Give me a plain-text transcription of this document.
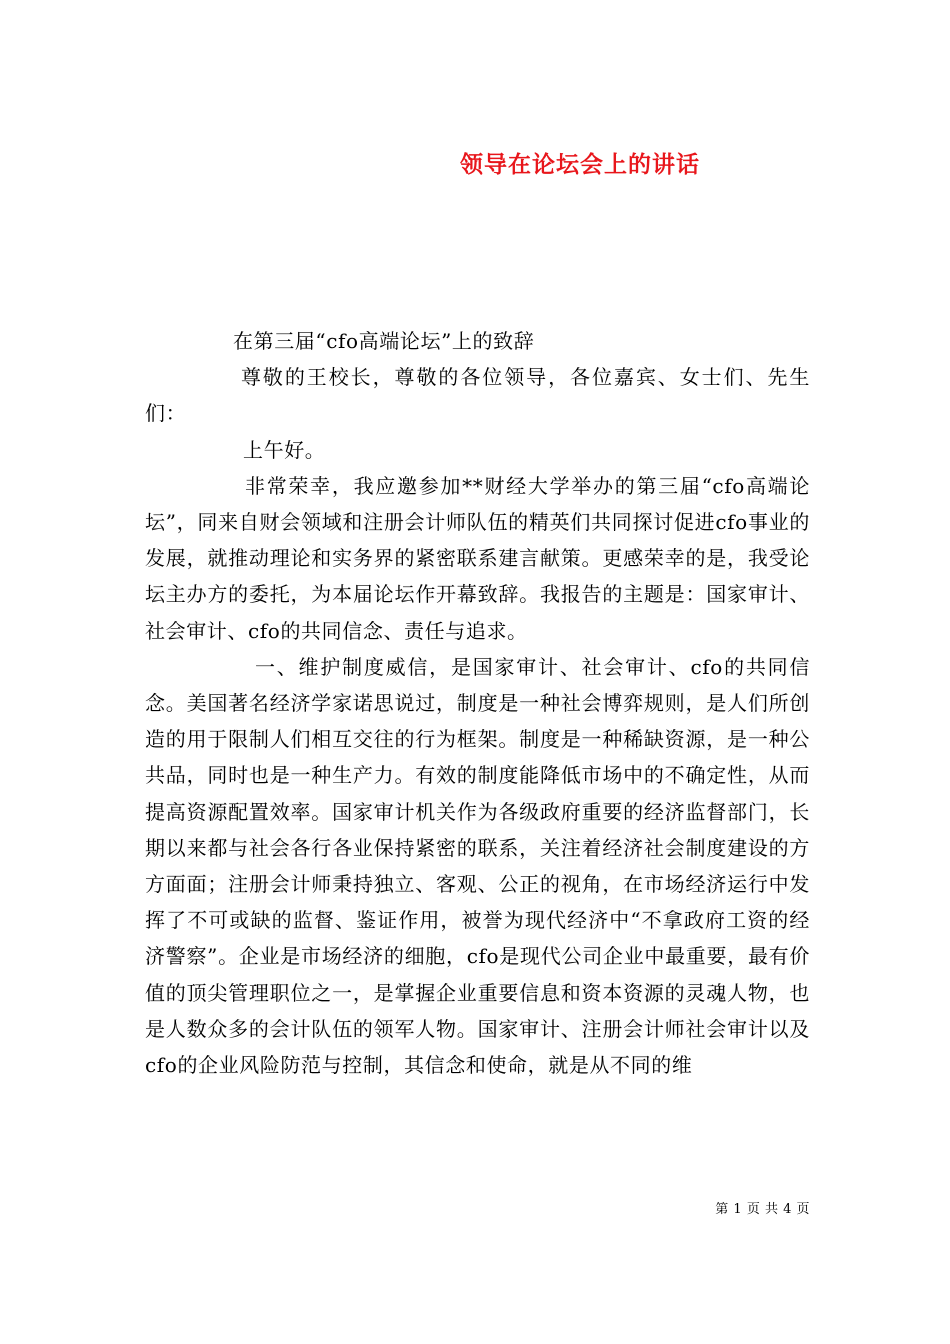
领导在论坛会上的讲话

在第三届“cfo高端论坛”上的致辞

尊敬的王校长，尊敬的各位领导，各位嘉宾、女士们、先生们：

上午好。

非常荣幸，我应邀参加**财经大学举办的第三届“cfo高端论坛”，同来自财会领域和注册会计师队伍的精英们共同探讨促进cfo事业的发展，就推动理论和实务界的紧密联系建言献策。更感荣幸的是，我受论坛主办方的委托，为本届论坛作开幕致辞。我报告的主题是：国家审计、社会审计、cfo的共同信念、责任与追求。

一、维护制度威信，是国家审计、社会审计、cfo的共同信念。美国著名经济学家诺思说过，制度是一种社会博弈规则，是人们所创造的用于限制人们相互交往的行为框架。制度是一种稀缺资源，是一种公共品，同时也是一种生产力。有效的制度能降低市场中的不确定性，从而提高资源配置效率。国家审计机关作为各级政府重要的经济监督部门，长期以来都与社会各行各业保持紧密的联系，关注着经济社会制度建设的方方面面；注册会计师秉持独立、客观、公正的视角，在市场经济运行中发挥了不可或缺的监督、鉴证作用，被誉为现代经济中“不拿政府工资的经济警察”。企业是市场经济的细胞，cfo是现代公司企业中最重要，最有价值的顶尖管理职位之一，是掌握企业重要信息和资本资源的灵魂人物，也是人数众多的会计队伍的领军人物。国家审计、注册会计师社会审计以及cfo的企业风险防范与控制，其信念和使命，就是从不同的维

第 1 页 共 4 页
